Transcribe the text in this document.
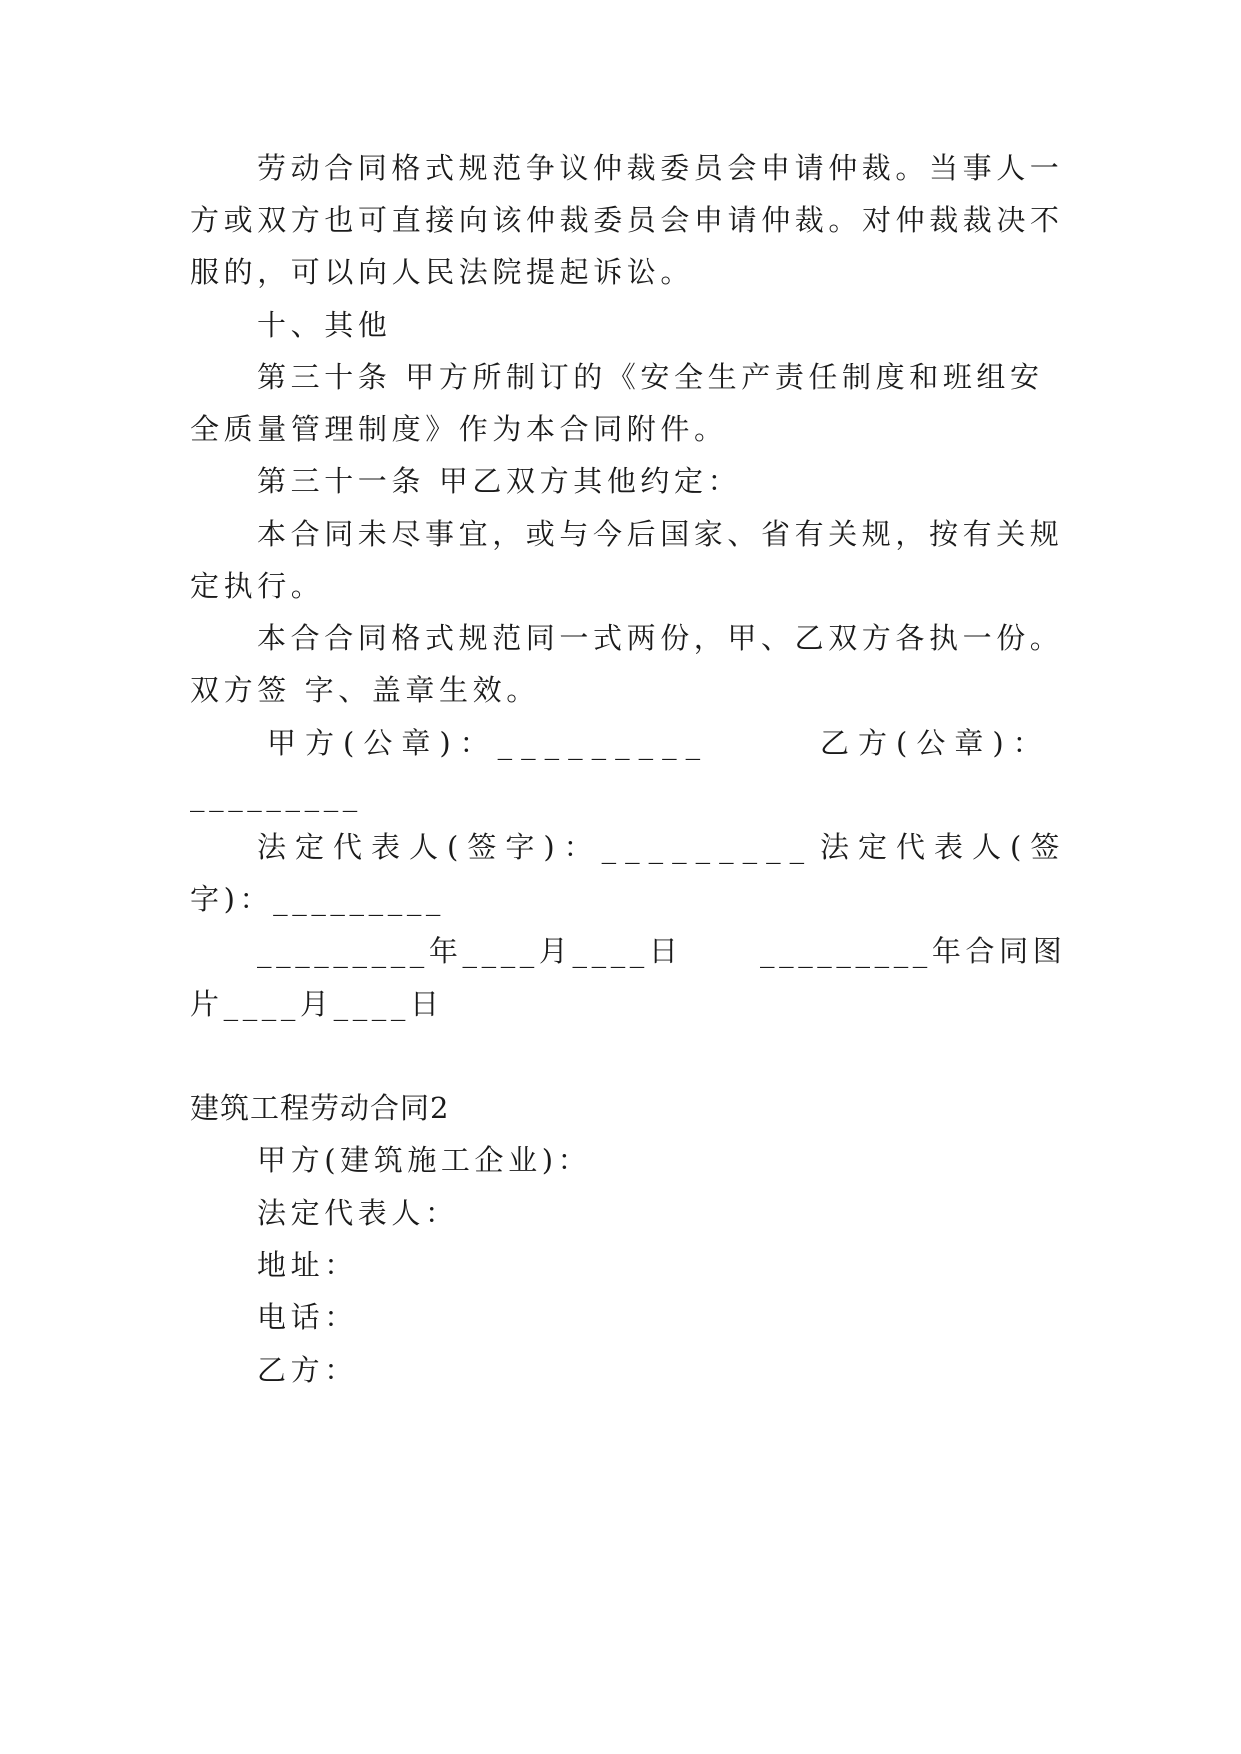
劳动合同格式规范争议仲裁委员会申请仲裁。当事人一
方或双方也可直接向该仲裁委员会申请仲裁。对仲裁裁决不
服的，可以向人民法院提起诉讼。
十、其他
第三十条 甲方所制订的《安全生产责任制度和班组安
全质量管理制度》作为本合同附件。
第三十一条 甲乙双方其他约定：
本合同未尽事宜，或与今后国家、省有关规，按有关规
定执行。
本合合同格式规范同一式两份，甲、乙双方各执一份。
双方签 字、盖章生效。
甲方(公章)：_________	乙方(公章)：
_________
法定代表人(签字)：_________ 法定代表人(签
字)：_________
_________年____月____日	_________年合同图
片____月____日
建筑工程劳动合同2
甲方(建筑施工企业)：
法定代表人：
地址：
电话：
乙方：
